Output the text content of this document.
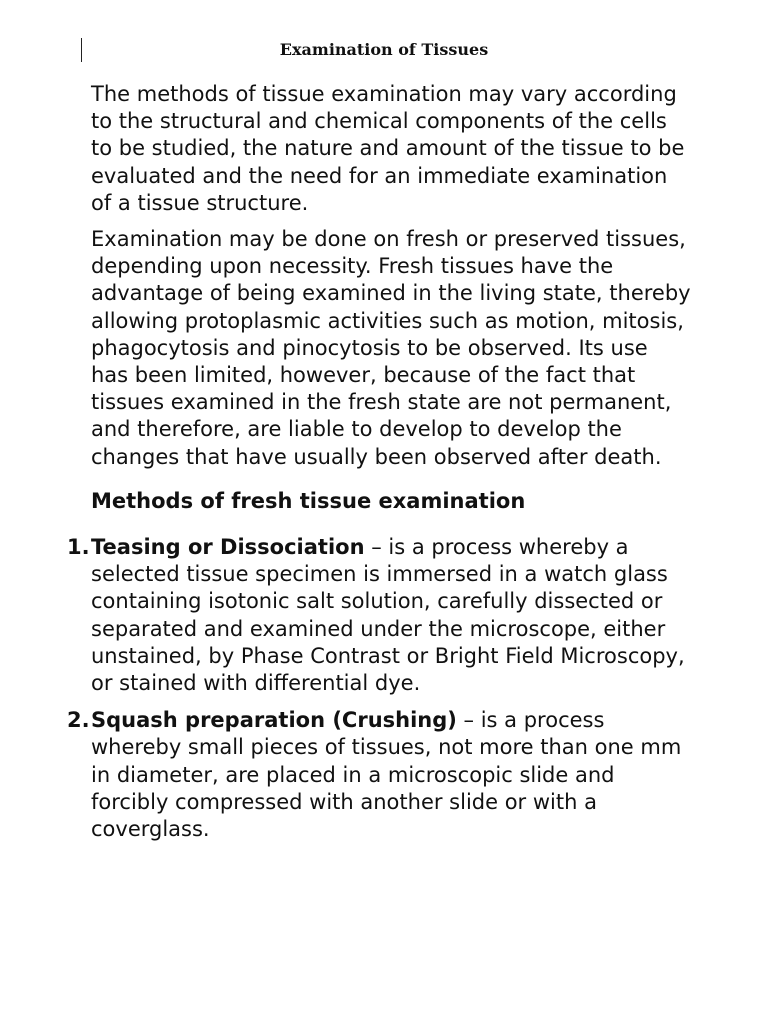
Examination of Tissues

The methods of tissue examination may vary according to the structural and chemical components of the cells to be studied, the nature and amount of the tissue to be evaluated and the need for an immediate examination of a tissue structure.

Examination may be done on fresh or preserved tissues, depending upon necessity. Fresh tissues have the advantage of being examined in the living state, thereby allowing protoplasmic activities such as motion, mitosis, phagocytosis and pinocytosis to be observed. Its use has been limited, however, because of the fact that tissues examined in the fresh state are not permanent, and therefore, are liable to develop to develop the changes that have usually been observed after death.

Methods of fresh tissue examination
1. Teasing or Dissociation – is a process whereby a selected tissue specimen is immersed in a watch glass containing isotonic salt solution, carefully dissected or separated and examined under the microscope, either unstained, by Phase Contrast or Bright Field Microscopy, or stained with differential dye.
2. Squash preparation (Crushing) – is a process whereby small pieces of tissues, not more than one mm in diameter, are placed in a microscopic slide and forcibly compressed with another slide or with a coverglass.
